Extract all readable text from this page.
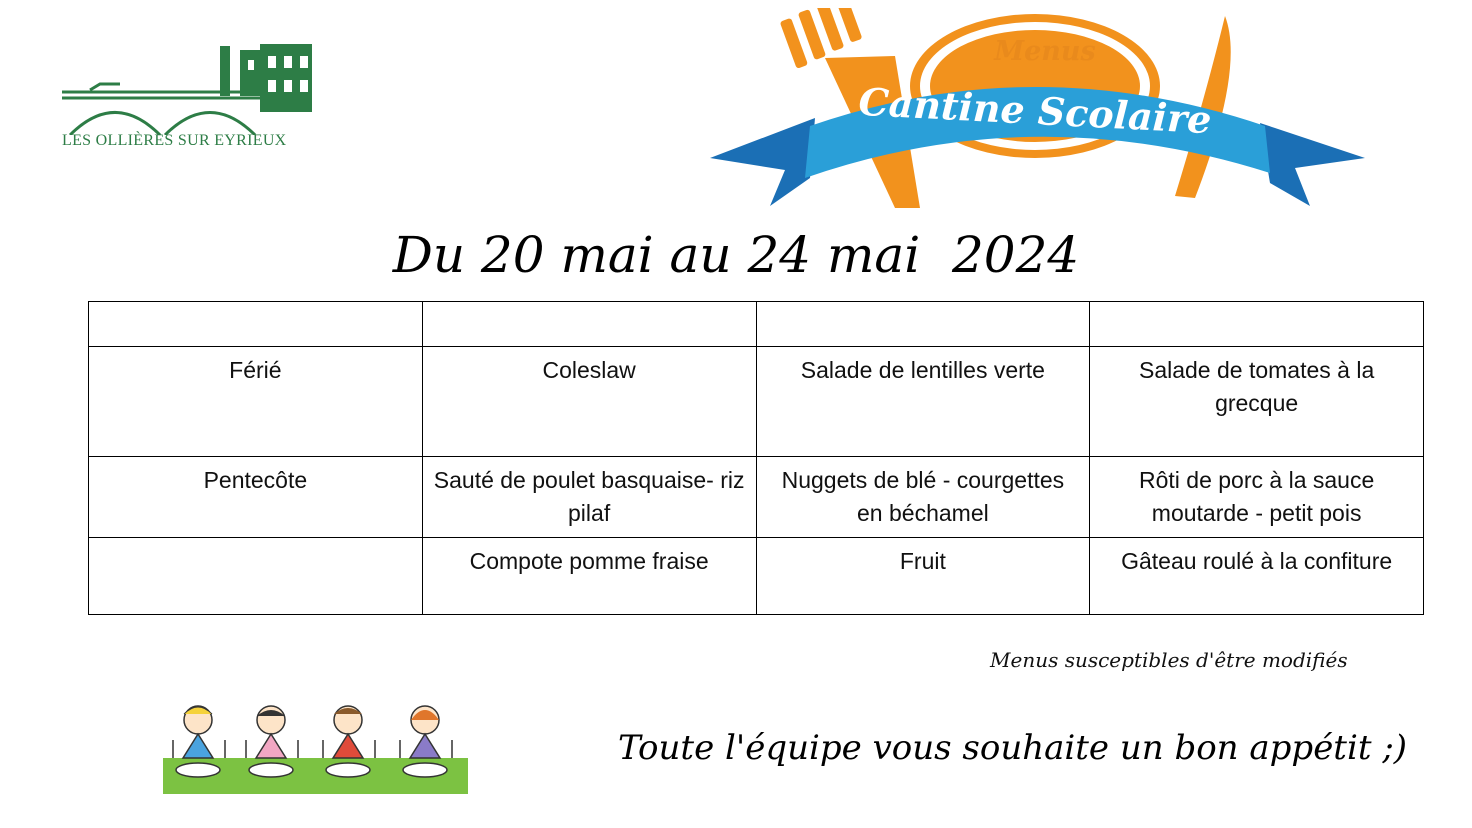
LES OLLIÈRES SUR EYRIEUX
Menus
Cantine Scolaire
Du 20 mai au 24 mai  2024

Férié	Coleslaw	Salade de lentilles verte	Salade de tomates à la grecque
Pentecôte	Sauté de poulet basquaise- riz pilaf	Nuggets de blé - courgettes en béchamel	Rôti de porc à la sauce moutarde - petit pois
	Compote pomme fraise	Fruit	Gâteau roulé à la confiture
Menus susceptibles d'être modifiés
Toute l'équipe vous souhaite un bon appétit ;)
